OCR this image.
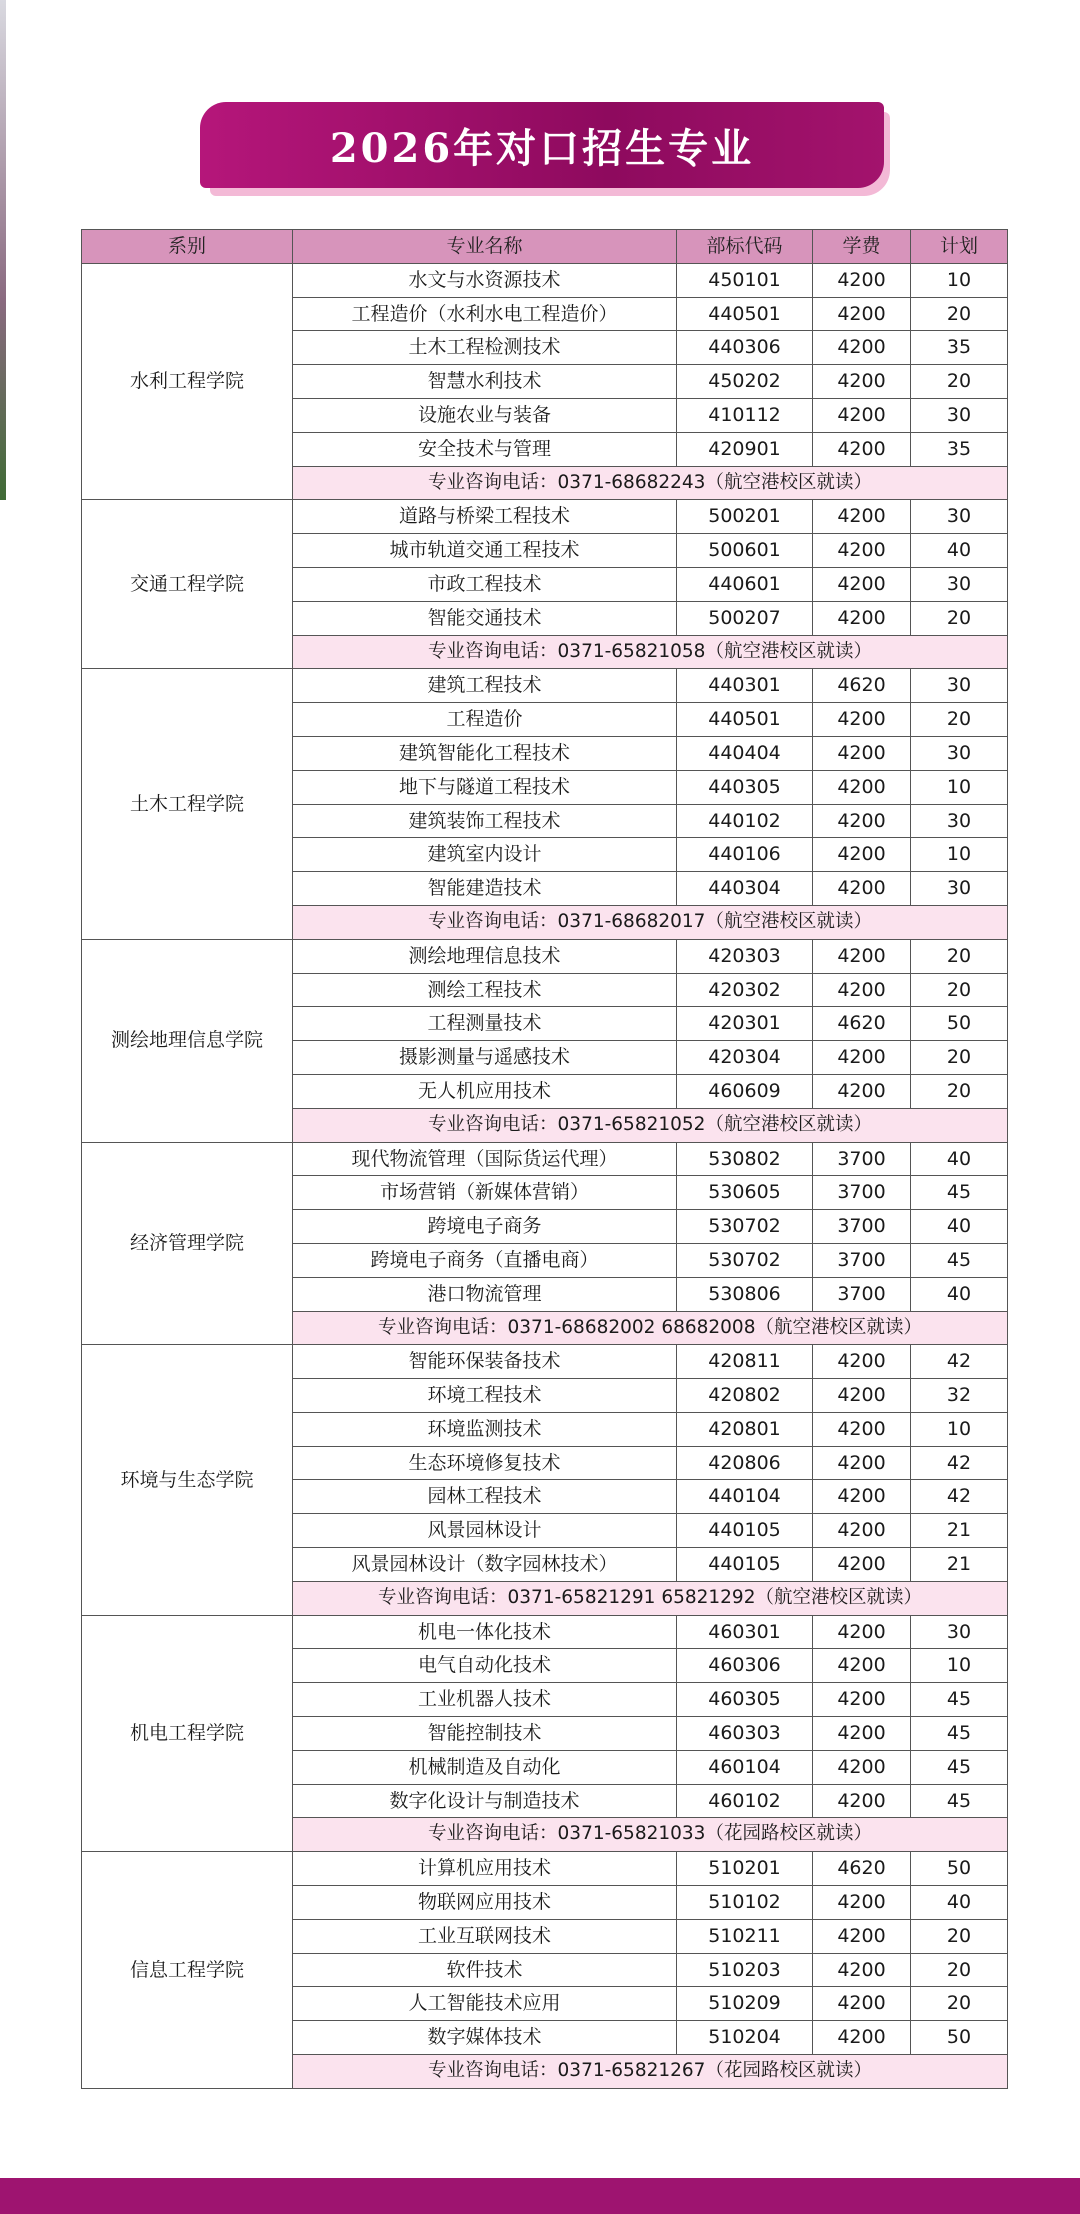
2026年对口招生专业
系别	专业名称	部标代码	学费	计划
水利工程学院	水文与水资源技术	450101	4200	10
	工程造价（水利水电工程造价）	440501	4200	20
	土木工程检测技术	440306	4200	35
	智慧水利技术	450202	4200	20
	设施农业与装备	410112	4200	30
	安全技术与管理	420901	4200	35
	专业咨询电话：0371-68682243（航空港校区就读）			
交通工程学院	道路与桥梁工程技术	500201	4200	30
	城市轨道交通工程技术	500601	4200	40
	市政工程技术	440601	4200	30
	智能交通技术	500207	4200	20
	专业咨询电话：0371-65821058（航空港校区就读）			
土木工程学院	建筑工程技术	440301	4620	30
	工程造价	440501	4200	20
	建筑智能化工程技术	440404	4200	30
	地下与隧道工程技术	440305	4200	10
	建筑装饰工程技术	440102	4200	30
	建筑室内设计	440106	4200	10
	智能建造技术	440304	4200	30
	专业咨询电话：0371-68682017（航空港校区就读）			
测绘地理信息学院	测绘地理信息技术	420303	4200	20
	测绘工程技术	420302	4200	20
	工程测量技术	420301	4620	50
	摄影测量与遥感技术	420304	4200	20
	无人机应用技术	460609	4200	20
	专业咨询电话：0371-65821052（航空港校区就读）			
经济管理学院	现代物流管理（国际货运代理）	530802	3700	40
	市场营销（新媒体营销）	530605	3700	45
	跨境电子商务	530702	3700	40
	跨境电子商务（直播电商）	530702	3700	45
	港口物流管理	530806	3700	40
	专业咨询电话：0371-68682002 68682008（航空港校区就读）			
环境与生态学院	智能环保装备技术	420811	4200	42
	环境工程技术	420802	4200	32
	环境监测技术	420801	4200	10
	生态环境修复技术	420806	4200	42
	园林工程技术	440104	4200	42
	风景园林设计	440105	4200	21
	风景园林设计（数字园林技术）	440105	4200	21
	专业咨询电话：0371-65821291 65821292（航空港校区就读）			
机电工程学院	机电一体化技术	460301	4200	30
	电气自动化技术	460306	4200	10
	工业机器人技术	460305	4200	45
	智能控制技术	460303	4200	45
	机械制造及自动化	460104	4200	45
	数字化设计与制造技术	460102	4200	45
	专业咨询电话：0371-65821033（花园路校区就读）			
信息工程学院	计算机应用技术	510201	4620	50
	物联网应用技术	510102	4200	40
	工业互联网技术	510211	4200	20
	软件技术	510203	4200	20
	人工智能技术应用	510209	4200	20
	数字媒体技术	510204	4200	50
	专业咨询电话：0371-65821267（花园路校区就读）			
